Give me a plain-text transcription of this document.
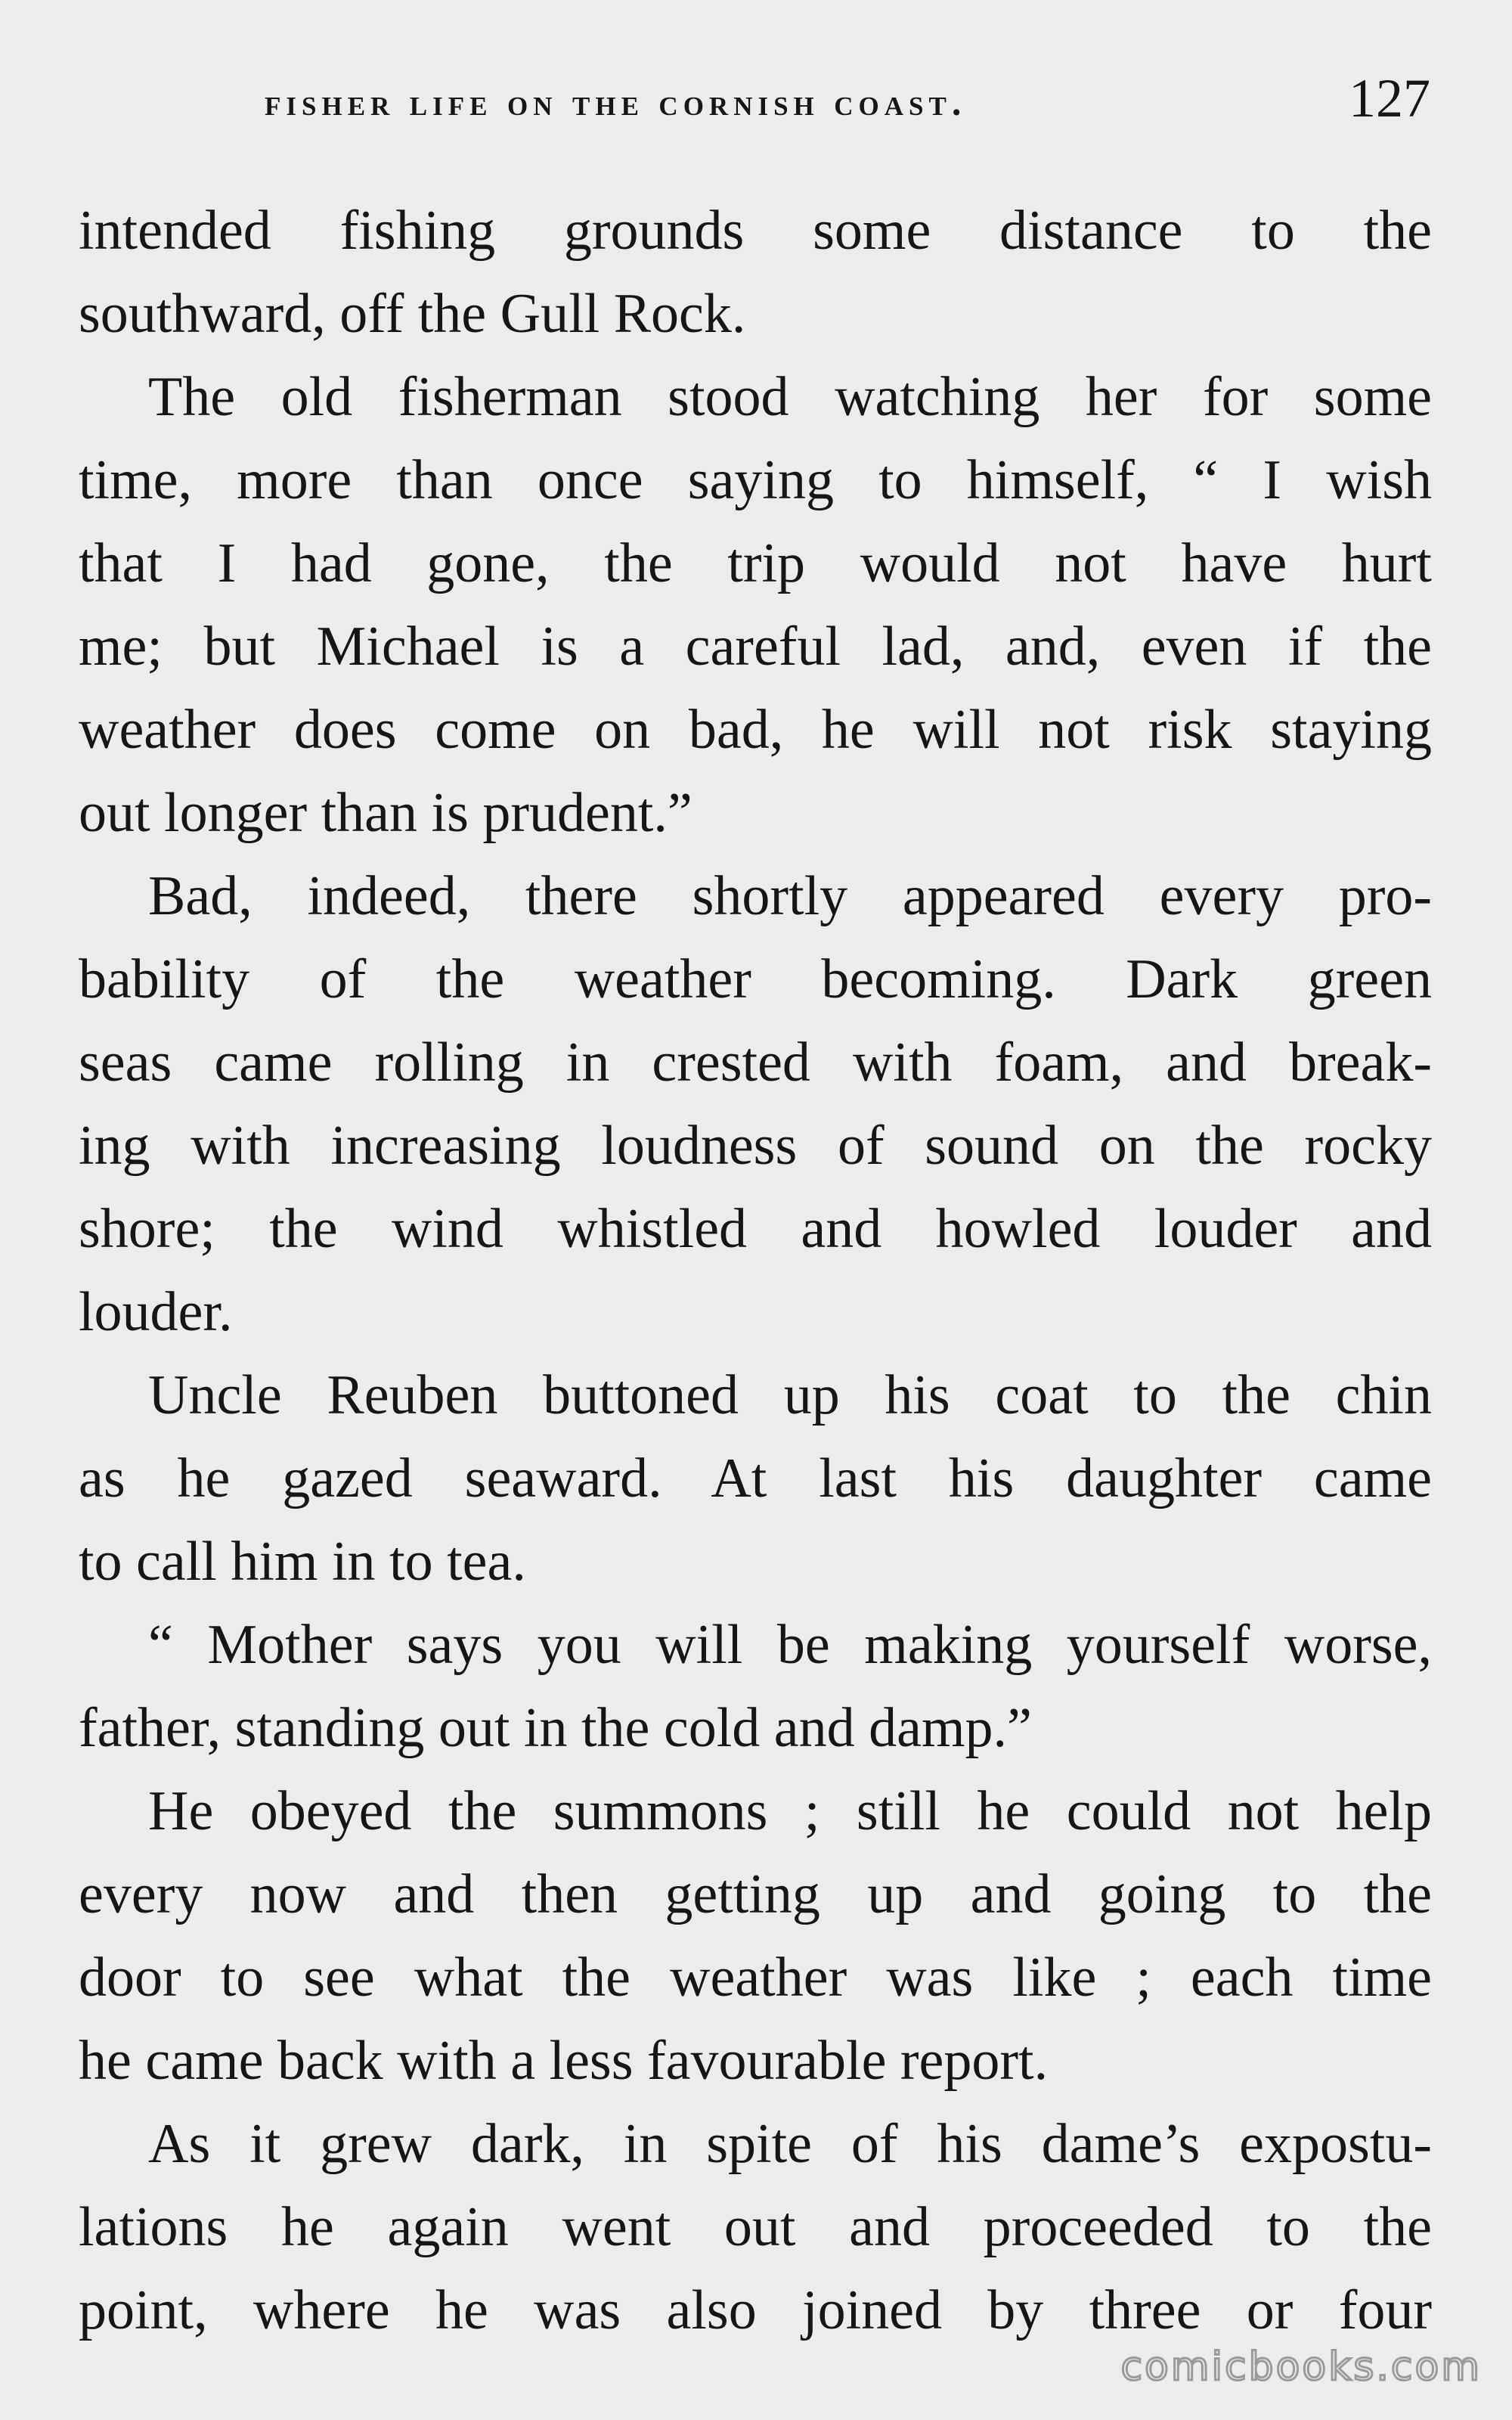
fisher life on the cornish coast.	127
intended fishing grounds some distance to the
southward, off the Gull Rock.
The old fisherman stood watching her for some
time, more than once saying to himself, “ I wish
that I had gone, the trip would not have hurt
me; but Michael is a careful lad, and, even if the
weather does come on bad, he will not risk staying
out longer than is prudent.”
Bad, indeed, there shortly appeared every pro-
bability of the weather becoming. Dark green
seas came rolling in crested with foam, and break-
ing with increasing loudness of sound on the rocky
shore; the wind whistled and howled louder and
louder.
Uncle Reuben buttoned up his coat to the chin
as he gazed seaward. At last his daughter came
to call him in to tea.
“ Mother says you will be making yourself worse,
father, standing out in the cold and damp.”
He obeyed the summons ; still he could not help
every now and then getting up and going to the
door to see what the weather was like ; each time
he came back with a less favourable report.
As it grew dark, in spite of his dame’s expostu-
lations he again went out and proceeded to the
point, where he was also joined by three or four
comicbooks.com
